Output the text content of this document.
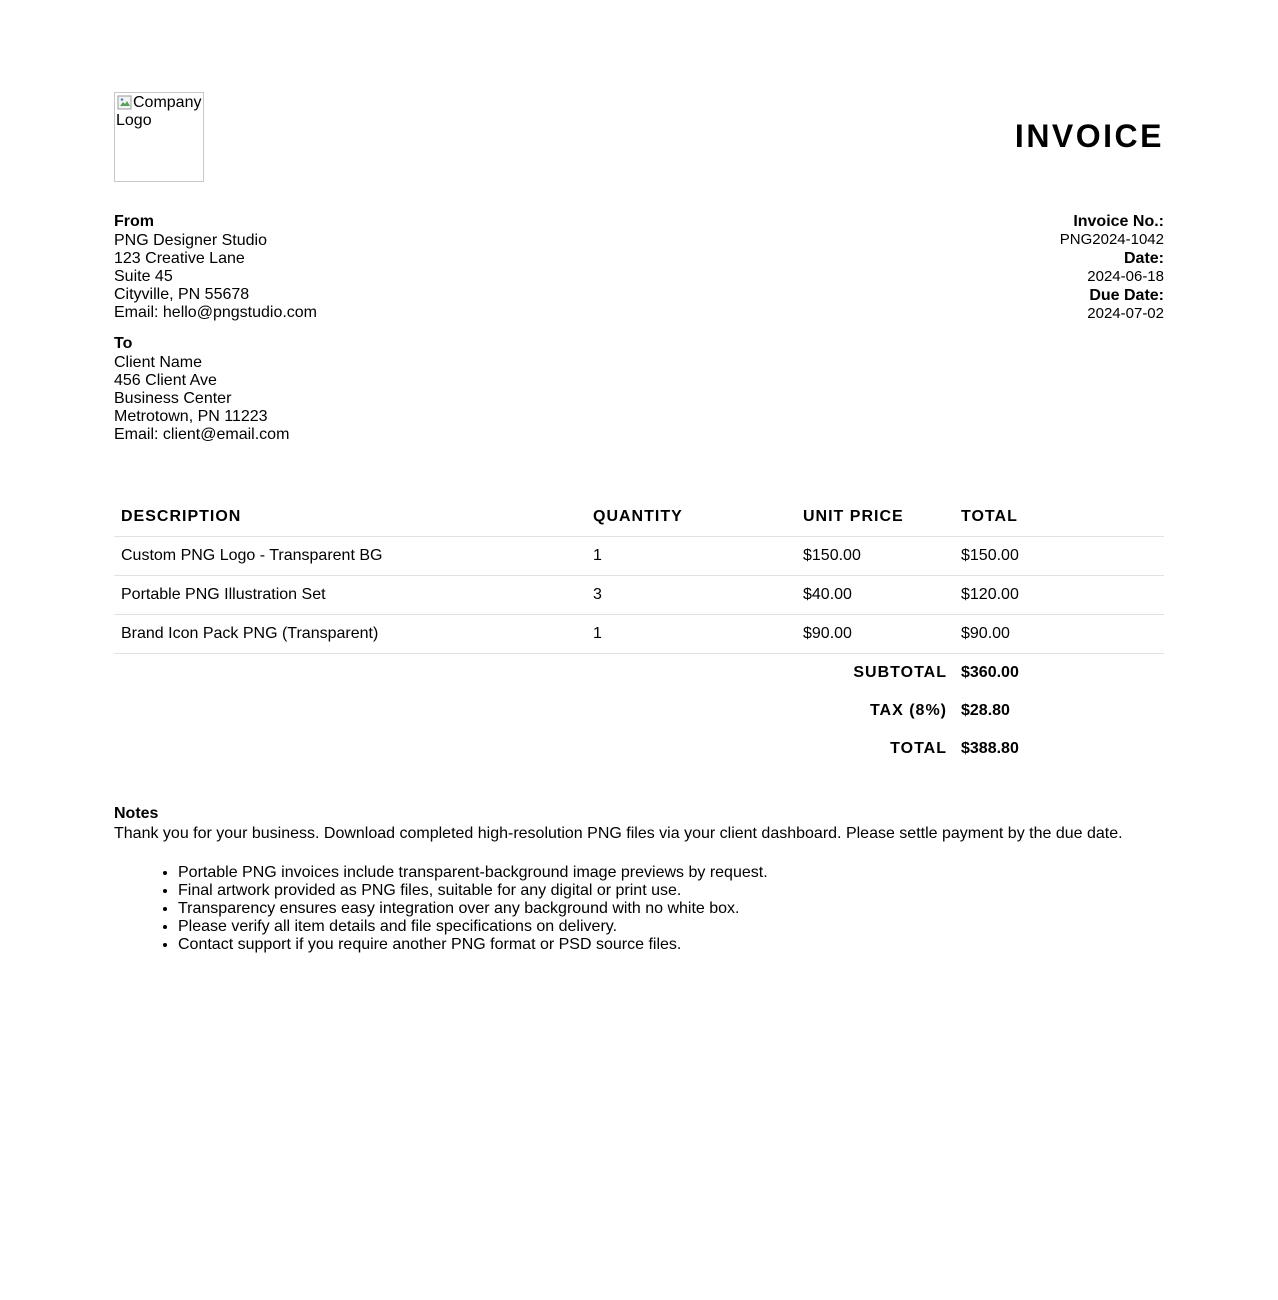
Company Logo	INVOICE
From
PNG Designer Studio
123 Creative Lane
Suite 45
Cityville, PN 55678
Email: hello@pngstudio.com
To
Client Name
456 Client Ave
Business Center
Metrotown, PN 11223
Email: client@email.com
Invoice No.:
PNG2024-1042
Date:
2024-06-18
Due Date:
2024-07-02
DESCRIPTION	QUANTITY	UNIT PRICE	TOTAL
Custom PNG Logo - Transparent BG	1	$150.00	$150.00
Portable PNG Illustration Set	3	$40.00	$120.00
Brand Icon Pack PNG (Transparent)	1	$90.00	$90.00
SUBTOTAL			$360.00
TAX (8%)			$28.80
TOTAL			$388.80
Notes
Thank you for your business. Download completed high-resolution PNG files via your client dashboard. Please settle payment by the due date.
• Portable PNG invoices include transparent-background image previews by request.
• Final artwork provided as PNG files, suitable for any digital or print use.
• Transparency ensures easy integration over any background with no white box.
• Please verify all item details and file specifications on delivery.
• Contact support if you require another PNG format or PSD source files.
